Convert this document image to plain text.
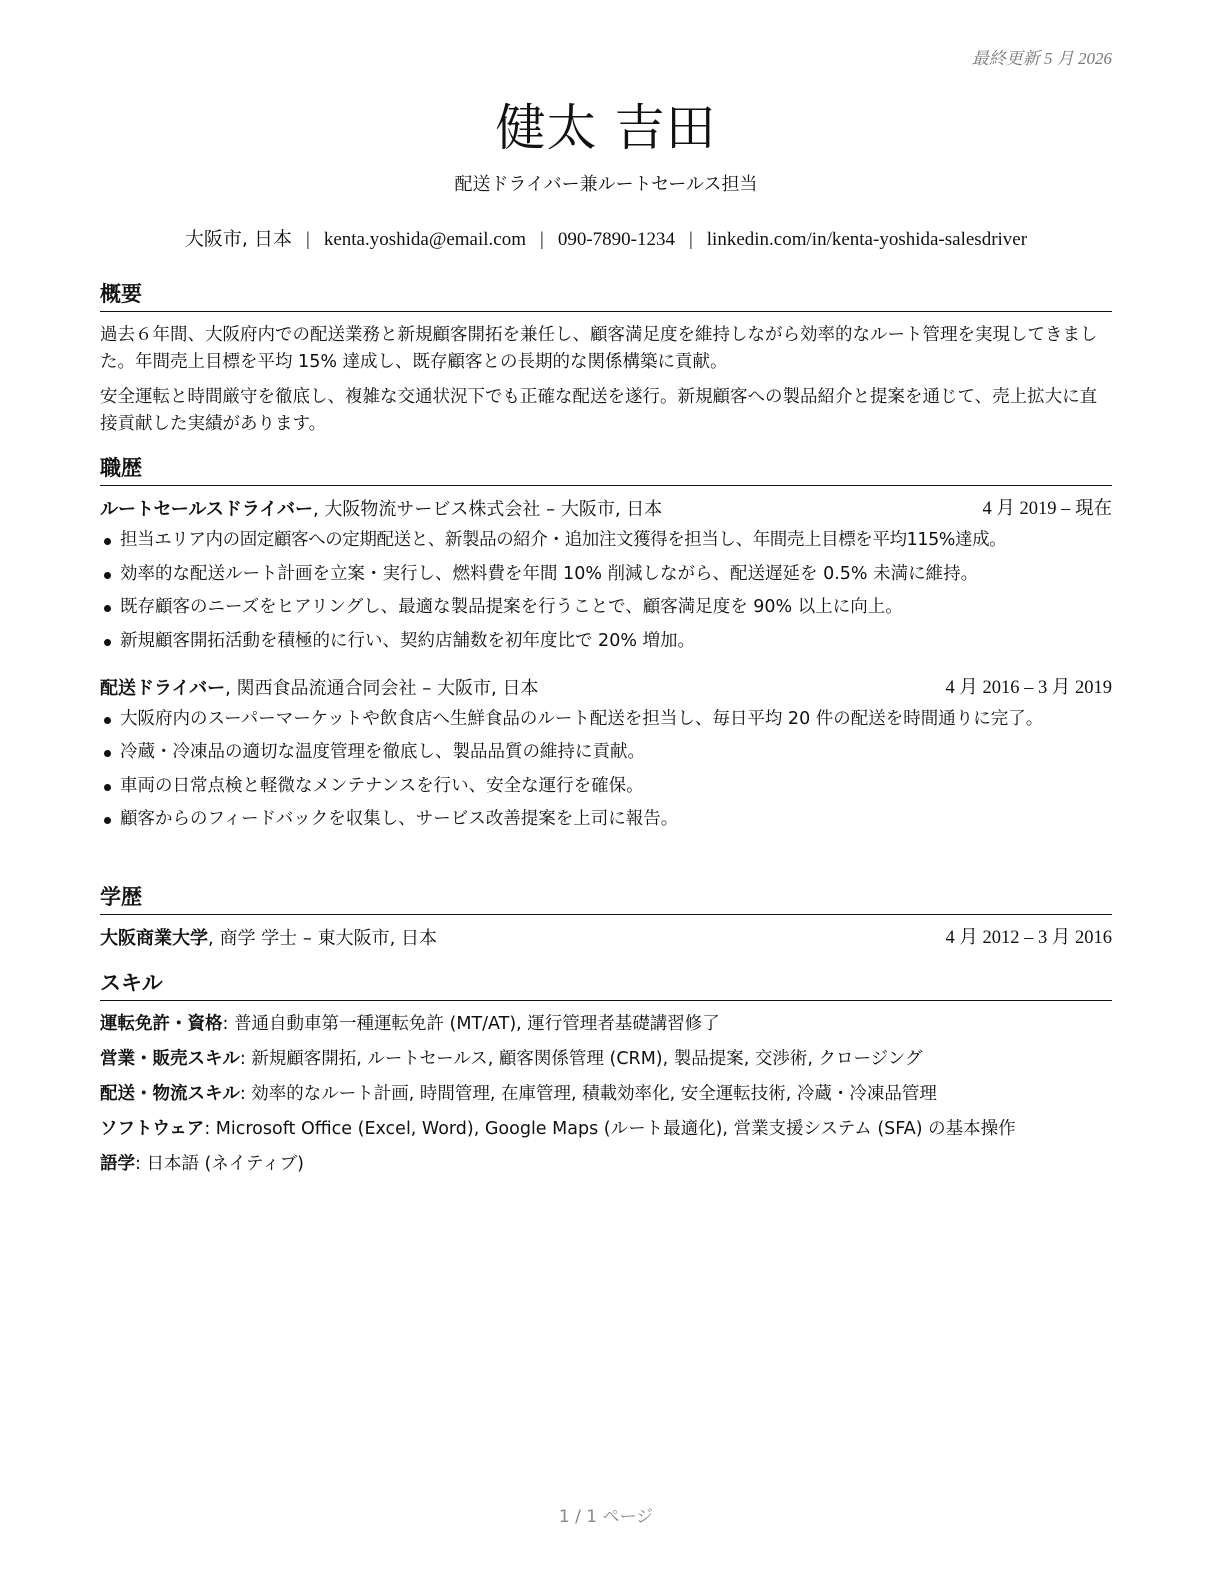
最終更新 5 月 2026
健太 吉田
配送ドライバー兼ルートセールス担当
大阪市, 日本 | kenta.yoshida@email.com | 090-7890-1234 | linkedin.com/in/kenta-yoshida-salesdriver
概要
過去６年間、大阪府内での配送業務と新規顧客開拓を兼任し、顧客満足度を維持しながら効率的なルート管理を実現してきました。年間売上目標を平均 15% 達成し、既存顧客との長期的な関係構築に貢献。
安全運転と時間厳守を徹底し、複雑な交通状況下でも正確な配送を遂行。新規顧客への製品紹介と提案を通じて、売上拡大に直接貢献した実績があります。
職歴
ルートセールスドライバー, 大阪物流サービス株式会社 – 大阪市, 日本	4 月 2019 – 現在
担当エリア内の固定顧客への定期配送と、新製品の紹介・追加注文獲得を担当し、年間売上目標を平均115%達成。
効率的な配送ルート計画を立案・実行し、燃料費を年間 10% 削減しながら、配送遅延を 0.5% 未満に維持。
既存顧客のニーズをヒアリングし、最適な製品提案を行うことで、顧客満足度を 90% 以上に向上。
新規顧客開拓活動を積極的に行い、契約店舗数を初年度比で 20% 増加。
配送ドライバー, 関西食品流通合同会社 – 大阪市, 日本	4 月 2016 – 3 月 2019
大阪府内のスーパーマーケットや飲食店へ生鮮食品のルート配送を担当し、毎日平均 20 件の配送を時間通りに完了。
冷蔵・冷凍品の適切な温度管理を徹底し、製品品質の維持に貢献。
車両の日常点検と軽微なメンテナンスを行い、安全な運行を確保。
顧客からのフィードバックを収集し、サービス改善提案を上司に報告。
学歴
大阪商業大学, 商学 学士 – 東大阪市, 日本	4 月 2012 – 3 月 2016
スキル
運転免許・資格: 普通自動車第一種運転免許 (MT/AT), 運行管理者基礎講習修了
営業・販売スキル: 新規顧客開拓, ルートセールス, 顧客関係管理 (CRM), 製品提案, 交渉術, クロージング
配送・物流スキル: 効率的なルート計画, 時間管理, 在庫管理, 積載効率化, 安全運転技術, 冷蔵・冷凍品管理
ソフトウェア: Microsoft Office (Excel, Word), Google Maps (ルート最適化), 営業支援システム (SFA) の基本操作
語学: 日本語 (ネイティブ)
1 / 1 ページ
